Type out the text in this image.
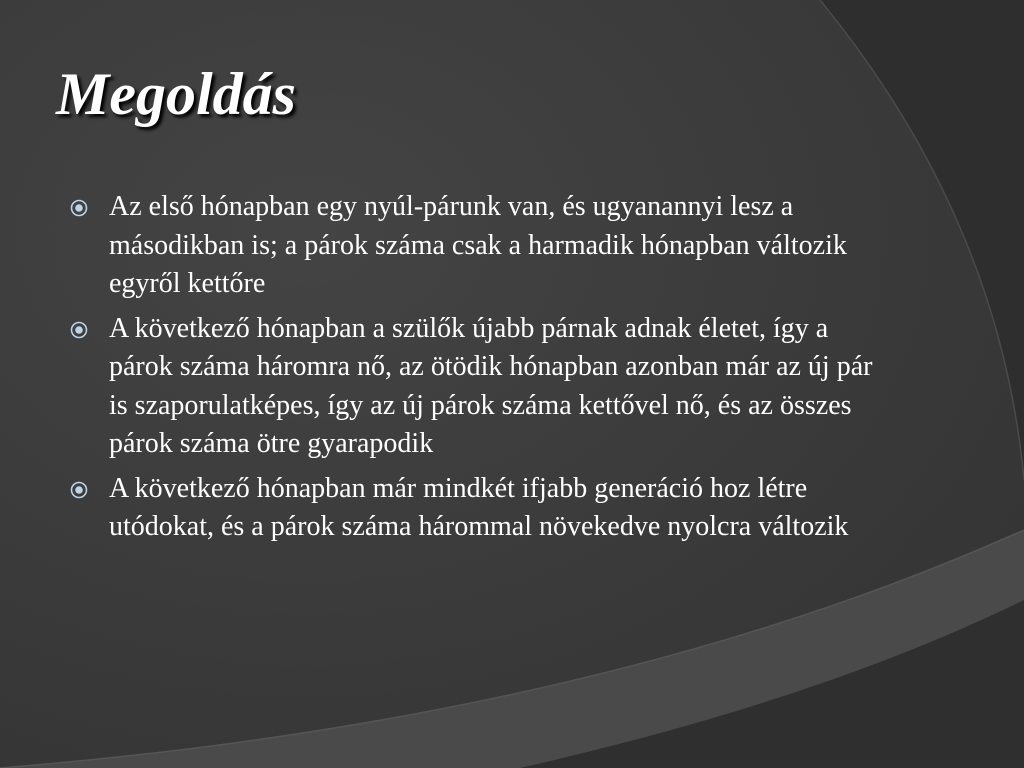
Megoldás
Az első hónapban egy nyúl-párunk van, és ugyanannyi lesz a másodikban is; a párok száma csak a harmadik hónapban változik egyről kettőre
A következő hónapban a szülők újabb párnak adnak életet, így a párok száma háromra nő, az ötödik hónapban azonban már az új pár is szaporulatképes, így az új párok száma kettővel nő, és az összes párok száma ötre gyarapodik
A következő hónapban már mindkét ifjabb generáció hoz létre utódokat, és a párok száma hárommal növekedve nyolcra változik
